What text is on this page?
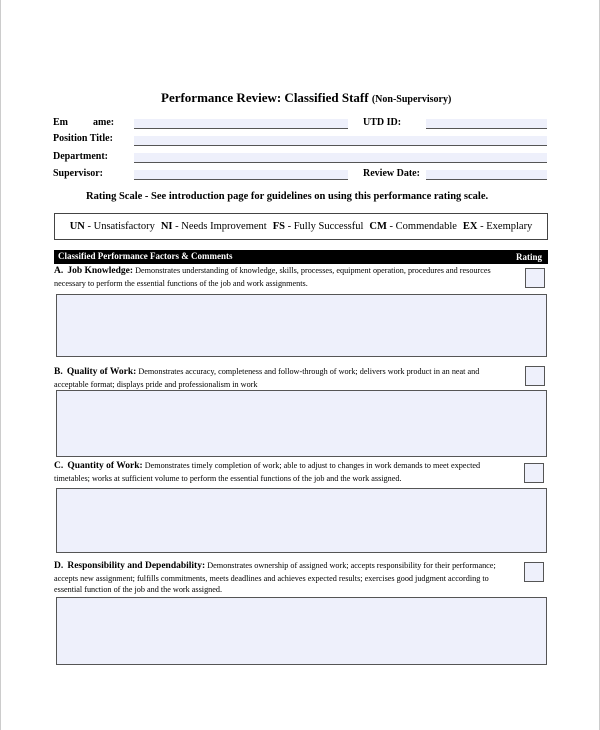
Performance Review: Classified Staff (Non-Supervisory)
Em          ame:	UTD ID:
Position Title:
Department:
Supervisor:	Review Date:
Rating Scale - See introduction page for guidelines on using this performance rating scale.
UN - Unsatisfactory NI - Needs Improvement FS - Fully Successful CM - Commendable EX - Exemplary
Classified Performance Factors & Comments	Rating
A. Job Knowledge: Demonstrates understanding of knowledge, skills, processes, equipment operation, procedures and resources necessary to perform the essential functions of the job and work assignments.
B. Quality of Work: Demonstrates accuracy, completeness and follow-through of work; delivers work product in an neat and acceptable format; displays pride and professionalism in work
C. Quantity of Work: Demonstrates timely completion of work; able to adjust to changes in work demands to meet expected timetables; works at sufficient volume to perform the essential functions of the job and the work assigned.
D. Responsibility and Dependability: Demonstrates ownership of assigned work; accepts responsibility for their performance; accepts new assignment; fulfills commitments, meets deadlines and achieves expected results; exercises good judgment according to essential function of the job and the work assigned.
